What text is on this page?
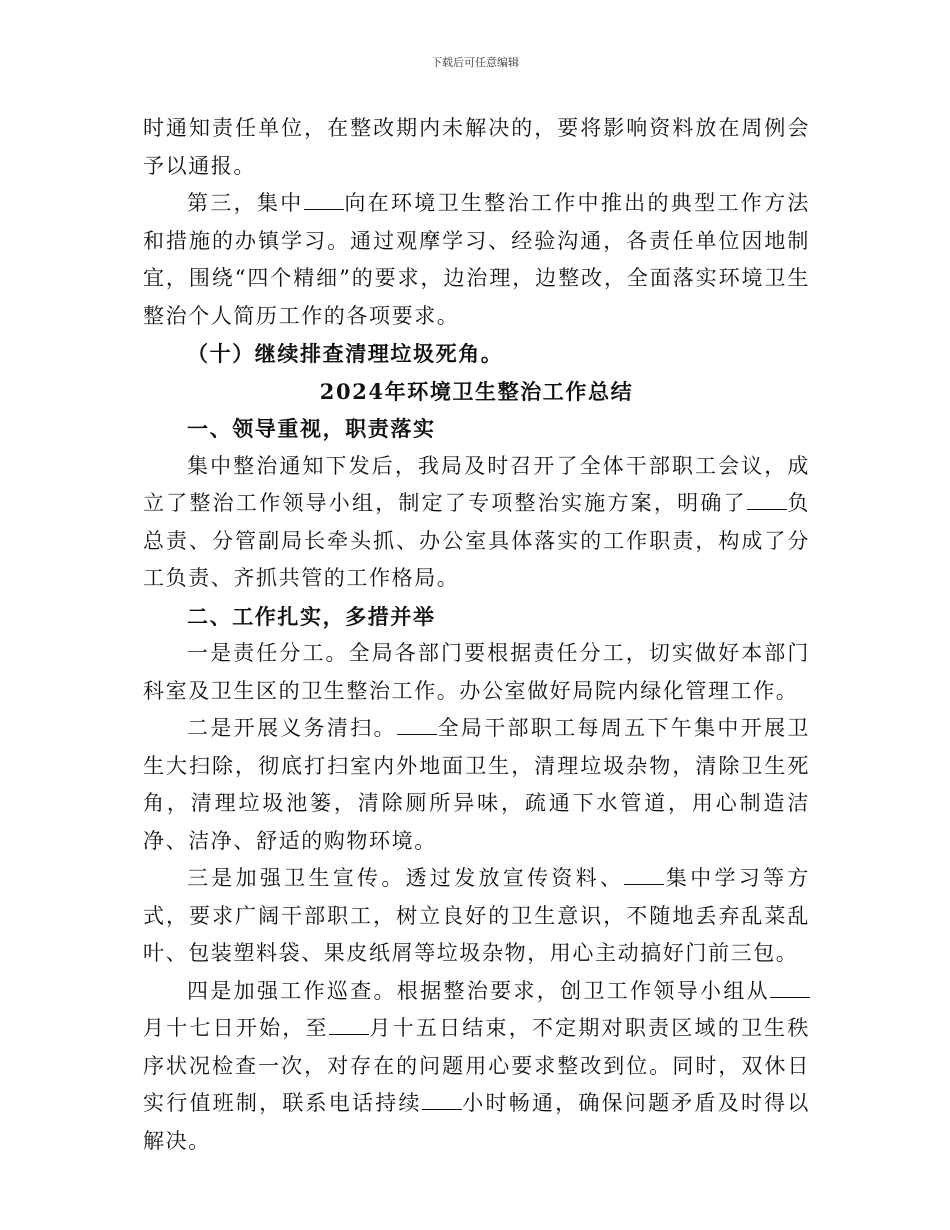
下载后可任意编辑

时通知责任单位，在整改期内未解决的，要将影响资料放在周例会予以通报。

第三，集中 向在环境卫生整治工作中推出的典型工作方法和措施的办镇学习。通过观摩学习、经验沟通，各责任单位因地制宜，围绕“四个精细”的要求，边治理，边整改，全面落实环境卫生整治个人简历工作的各项要求。

（十）继续排查清理垃圾死角。

2024年环境卫生整治工作总结

一、领导重视，职责落实

集中整治通知下发后，我局及时召开了全体干部职工会议，成立了整治工作领导小组，制定了专项整治实施方案，明确了 负总责、分管副局长牵头抓、办公室具体落实的工作职责，构成了分工负责、齐抓共管的工作格局。

二、工作扎实，多措并举

一是责任分工。全局各部门要根据责任分工，切实做好本部门科室及卫生区的卫生整治工作。办公室做好局院内绿化管理工作。

二是开展义务清扫。 全局干部职工每周五下午集中开展卫生大扫除，彻底打扫室内外地面卫生，清理垃圾杂物，清除卫生死角，清理垃圾池篓，清除厕所异味，疏通下水管道，用心制造洁净、洁净、舒适的购物环境。

三是加强卫生宣传。透过发放宣传资料、 集中学习等方式，要求广阔干部职工，树立良好的卫生意识，不随地丢弃乱菜乱叶、包装塑料袋、果皮纸屑等垃圾杂物，用心主动搞好门前三包。

四是加强工作巡查。根据整治要求，创卫工作领导小组从月十七日开始，至 月十五日结束，不定期对职责区域的卫生秩序状况检查一次，对存在的问题用心要求整改到位。同时，双休日实行值班制，联系电话持续 小时畅通，确保问题矛盾及时得以解决。
